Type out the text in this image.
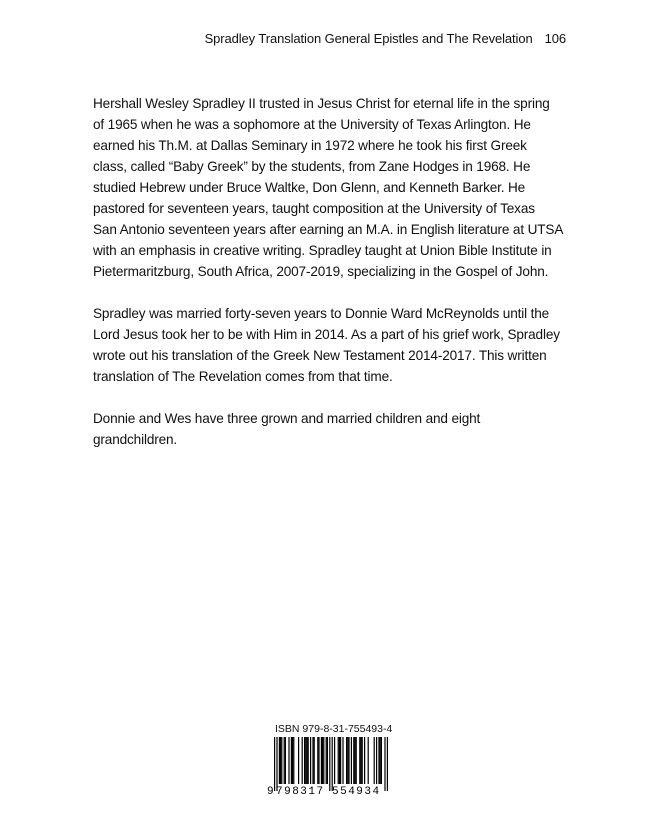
Spradley Translation General Epistles and The Revelation 106

Hershall Wesley Spradley II trusted in Jesus Christ for eternal life in the spring
of 1965 when he was a sophomore at the University of Texas Arlington. He
earned his Th.M. at Dallas Seminary in 1972 where he took his first Greek
class, called “Baby Greek” by the students, from Zane Hodges in 1968. He
studied Hebrew under Bruce Waltke, Don Glenn, and Kenneth Barker. He
pastored for seventeen years, taught composition at the University of Texas
San Antonio seventeen years after earning an M.A. in English literature at UTSA
with an emphasis in creative writing. Spradley taught at Union Bible Institute in
Pietermaritzburg, South Africa, 2007-2019, specializing in the Gospel of John.

Spradley was married forty-seven years to Donnie Ward McReynolds until the
Lord Jesus took her to be with Him in 2014. As a part of his grief work, Spradley
wrote out his translation of the Greek New Testament 2014-2017. This written
translation of The Revelation comes from that time.

Donnie and Wes have three grown and married children and eight
grandchildren.

ISBN 979-8-31-755493-4
9 798317 554934
